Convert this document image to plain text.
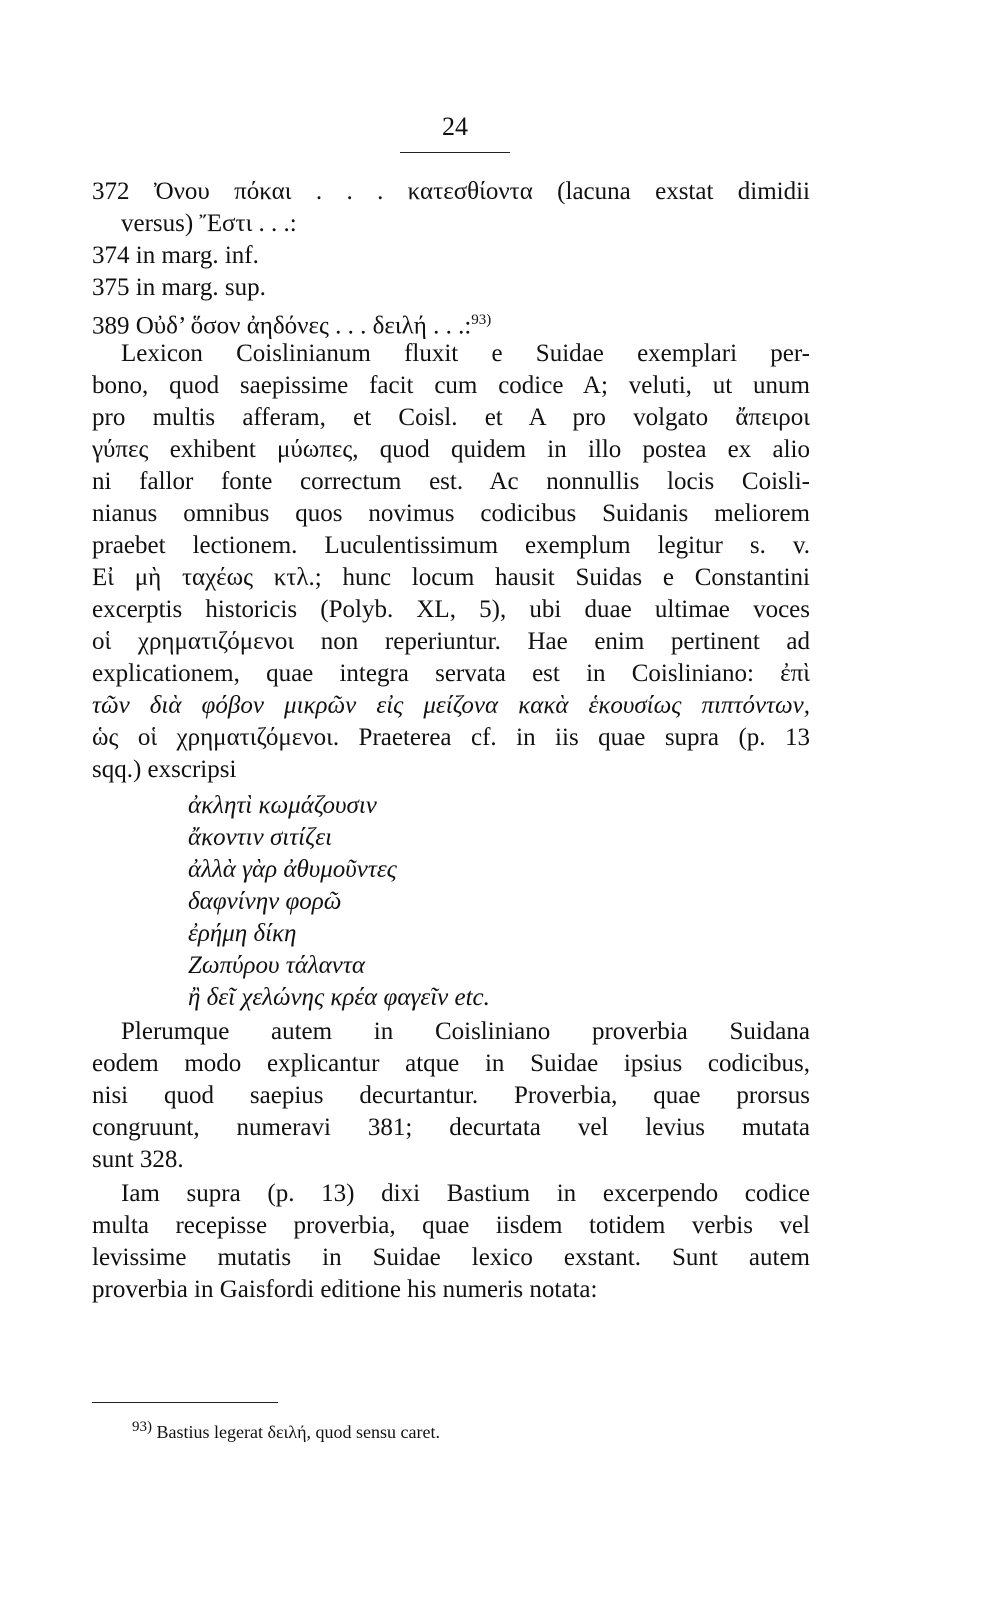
24
372 Ὀνου πόκαι . . . κατεσθίοντα (lacuna exstat dimidii
versus) Ἔστι . . .:
374 in marg. inf.
375 in marg. sup.
389 Οὐδ’ ὅσον ἀηδόνες . . . δειλή . . .:$^{93)}$
Lexicon Coislinianum fluxit e Suidae exemplari per-
bono, quod saepissime facit cum codice A; veluti, ut unum
pro multis afferam, et Coisl. et A pro volgato ἄπειροι
γύπες exhibent μύωπες, quod quidem in illo postea ex alio
ni fallor fonte correctum est. Ac nonnullis locis Coisli-
nianus omnibus quos novimus codicibus Suidanis meliorem
praebet lectionem. Luculentissimum exemplum legitur s. v.
Εἰ μὴ ταχέως κτλ.; hunc locum hausit Suidas e Constantini
excerptis historicis (Polyb. XL, 5), ubi duae ultimae voces
οἱ χρηματιζόμενοι non reperiuntur. Hae enim pertinent ad
explicationem, quae integra servata est in Coisliniano: ἐπὶ
τῶν διὰ φόβον μικρῶν εἰς μείζονα κακὰ ἑκουσίως πιπτόντων,
ὡς οἱ χρηματιζόμενοι. Praeterea cf. in iis quae supra (p. 13
sqq.) exscripsi
ἀκλητὶ κωμάζουσιν
ἄκοντιν σιτίζει
ἀλλὰ γὰρ ἀθυμοῦντες
δαφνίνην φορῶ
ἐρήμη δίκη
Ζωπύρου τάλαντα
ἢ δεῖ χελώνης κρέα φαγεῖν etc.
Plerumque autem in Coisliniano proverbia Suidana
eodem modo explicantur atque in Suidae ipsius codicibus,
nisi quod saepius decurtantur. Proverbia, quae prorsus
congruunt, numeravi 381; decurtata vel levius mutata
sunt 328.
Iam supra (p. 13) dixi Bastium in excerpendo codice
multa recepisse proverbia, quae iisdem totidem verbis vel
levissime mutatis in Suidae lexico exstant. Sunt autem
proverbia in Gaisfordi editione his numeris notata:
$^{93)}$ Bastius legerat δειλή, quod sensu caret.
